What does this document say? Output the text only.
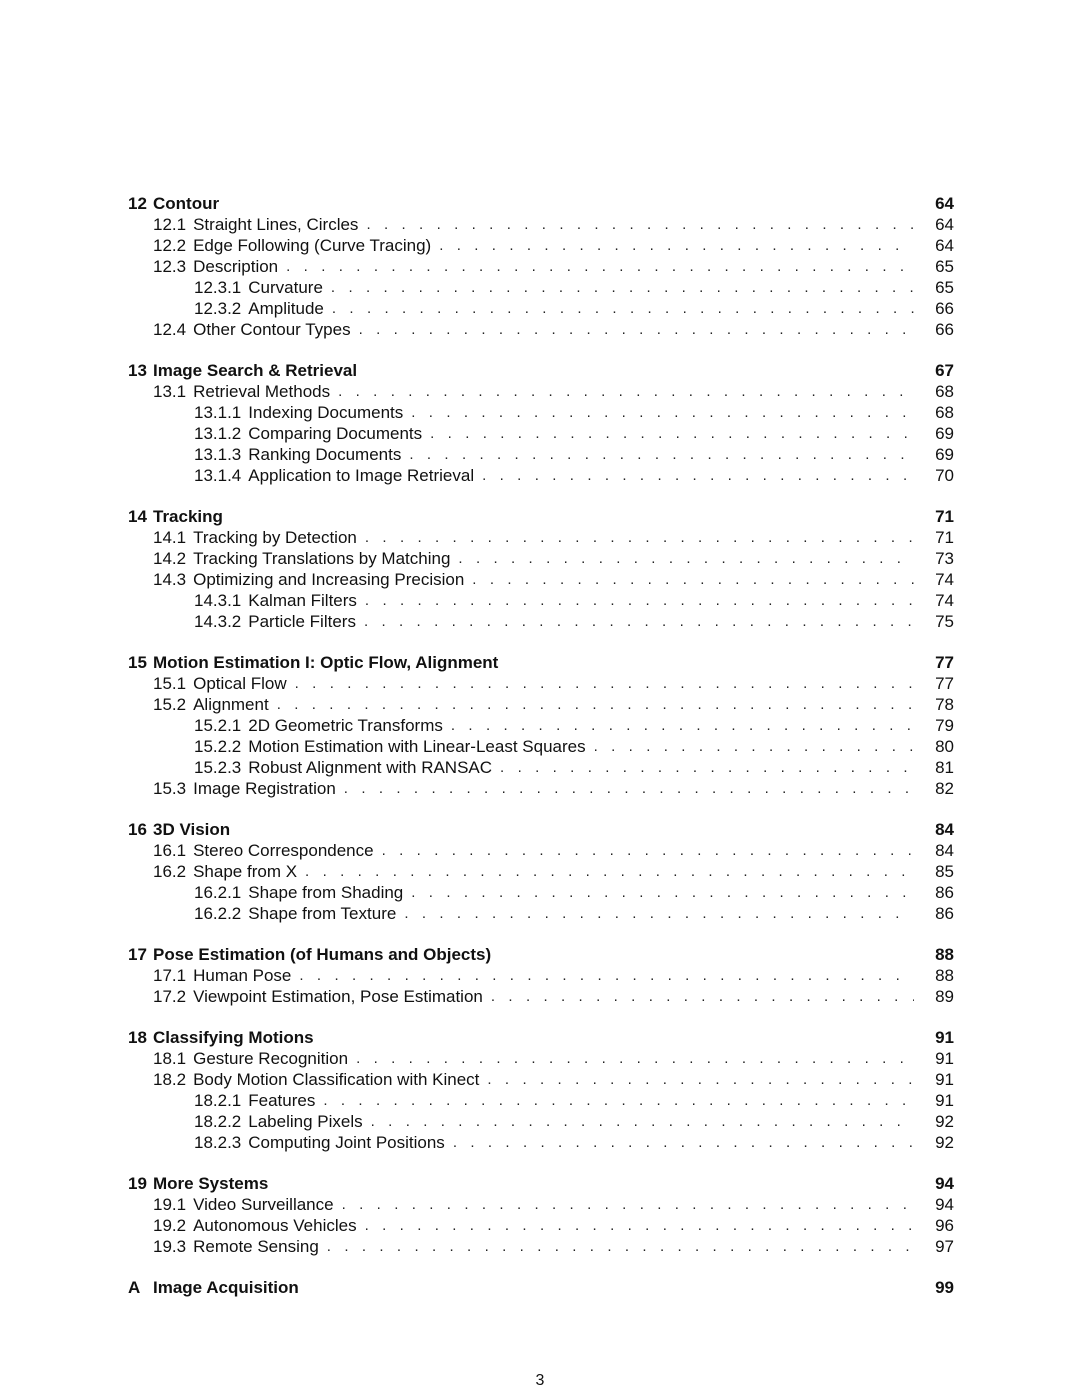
12 Contour	64
12.1 Straight Lines, Circles . . .	64
12.2 Edge Following (Curve Tracing) . . .	64
12.3 Description . . .	65
12.3.1 Curvature . . .	65
12.3.2 Amplitude . . .	66
12.4 Other Contour Types . . .	66
13 Image Search & Retrieval	67
13.1 Retrieval Methods . . .	68
13.1.1 Indexing Documents . . .	68
13.1.2 Comparing Documents . . .	69
13.1.3 Ranking Documents . . .	69
13.1.4 Application to Image Retrieval . . .	70
14 Tracking	71
14.1 Tracking by Detection . . .	71
14.2 Tracking Translations by Matching . . .	73
14.3 Optimizing and Increasing Precision . . .	74
14.3.1 Kalman Filters . . .	74
14.3.2 Particle Filters . . .	75
15 Motion Estimation I: Optic Flow, Alignment	77
15.1 Optical Flow . . .	77
15.2 Alignment . . .	78
15.2.1 2D Geometric Transforms . . .	79
15.2.2 Motion Estimation with Linear-Least Squares . . .	80
15.2.3 Robust Alignment with RANSAC . . .	81
15.3 Image Registration . . .	82
16 3D Vision	84
16.1 Stereo Correspondence . . .	84
16.2 Shape from X . . .	85
16.2.1 Shape from Shading . . .	86
16.2.2 Shape from Texture . . .	86
17 Pose Estimation (of Humans and Objects)	88
17.1 Human Pose . . .	88
17.2 Viewpoint Estimation, Pose Estimation . . .	89
18 Classifying Motions	91
18.1 Gesture Recognition . . .	91
18.2 Body Motion Classification with Kinect . . .	91
18.2.1 Features . . .	91
18.2.2 Labeling Pixels . . .	92
18.2.3 Computing Joint Positions . . .	92
19 More Systems	94
19.1 Video Surveillance . . .	94
19.2 Autonomous Vehicles . . .	96
19.3 Remote Sensing . . .	97
A Image Acquisition	99
3
